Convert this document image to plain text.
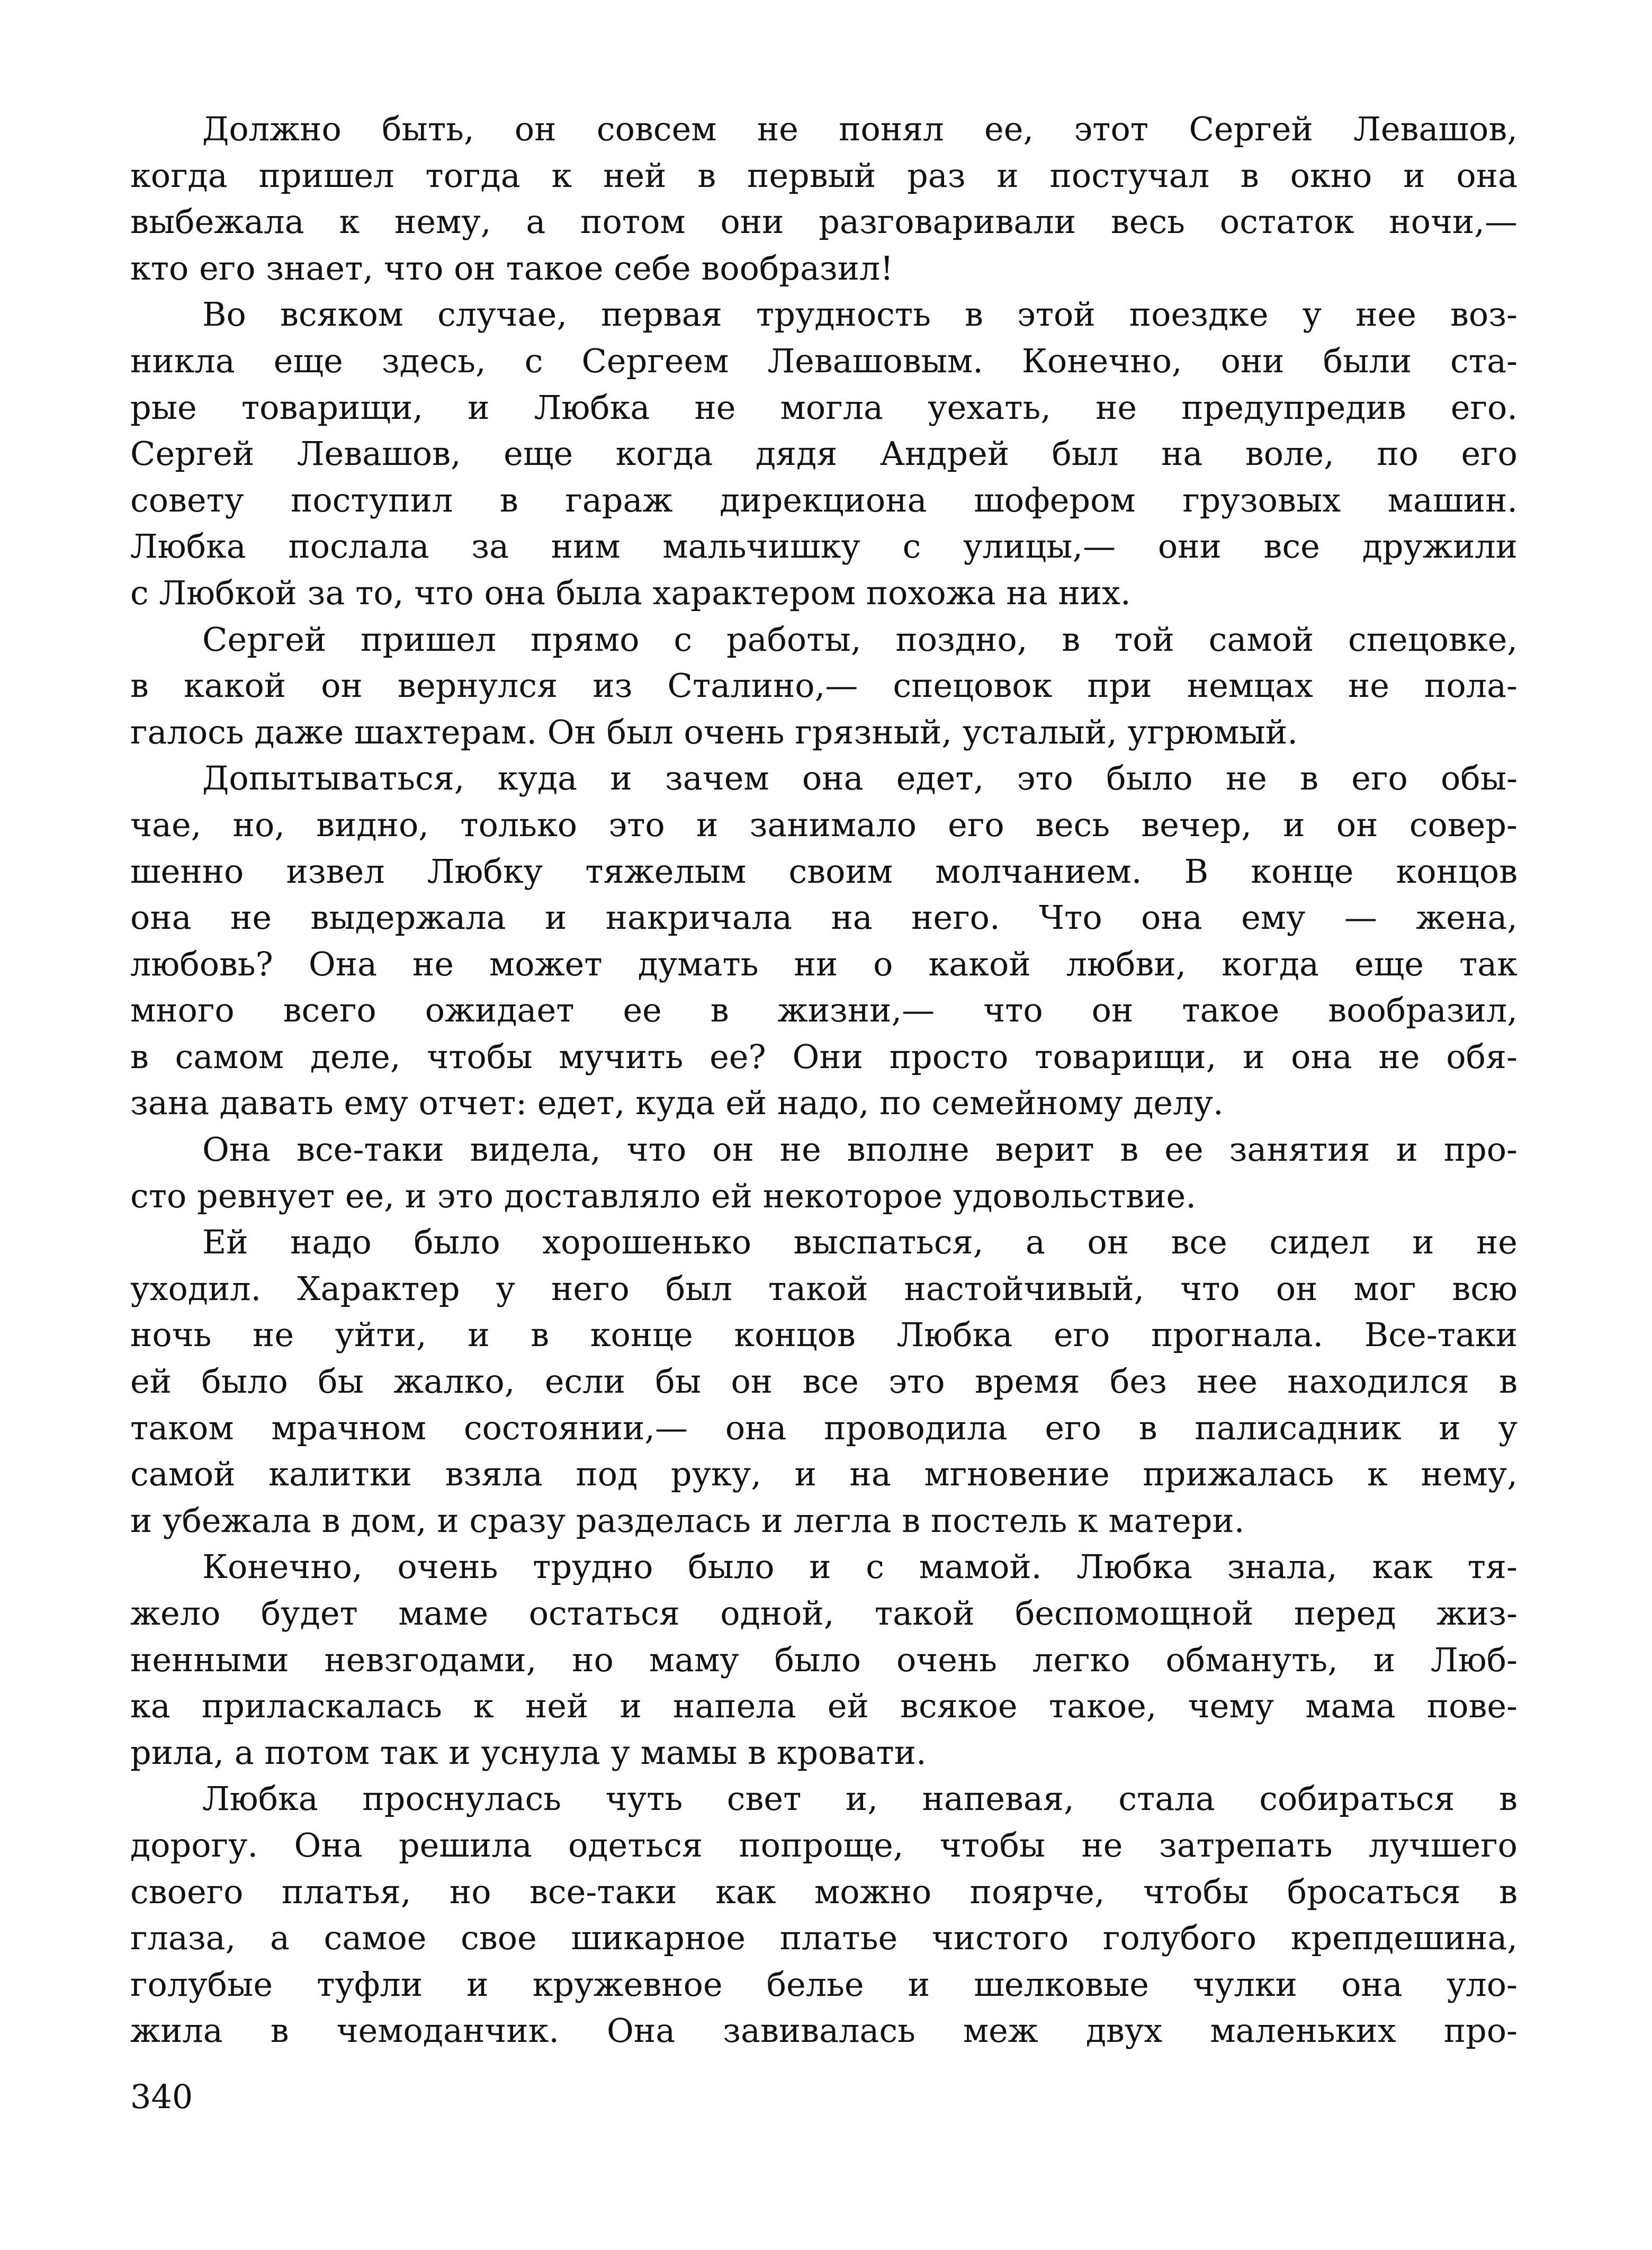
Должно быть, он совсем не понял ее, этот Сергей Левашов,
когда пришел тогда к ней в первый раз и постучал в окно и она
выбежала к нему, а потом они разговаривали весь остаток ночи,—
кто его знает, что он такое себе вообразил!
Во всяком случае, первая трудность в этой поездке у нее воз-
никла еще здесь, с Сергеем Левашовым. Конечно, они были ста-
рые товарищи, и Любка не могла уехать, не предупредив его.
Сергей Левашов, еще когда дядя Андрей был на воле, по его
совету поступил в гараж дирекциона шофером грузовых машин.
Любка послала за ним мальчишку с улицы,— они все дружили
с Любкой за то, что она была характером похожа на них.
Сергей пришел прямо с работы, поздно, в той самой спецовке,
в какой он вернулся из Сталино,— спецовок при немцах не пола-
галось даже шахтерам. Он был очень грязный, усталый, угрюмый.
Допытываться, куда и зачем она едет, это было не в его обы-
чае, но, видно, только это и занимало его весь вечер, и он совер-
шенно извел Любку тяжелым своим молчанием. В конце концов
она не выдержала и накричала на него. Что она ему — жена,
любовь? Она не может думать ни о какой любви, когда еще так
много всего ожидает ее в жизни,— что он такое вообразил,
в самом деле, чтобы мучить ее? Они просто товарищи, и она не обя-
зана давать ему отчет: едет, куда ей надо, по семейному делу.
Она все-таки видела, что он не вполне верит в ее занятия и про-
сто ревнует ее, и это доставляло ей некоторое удовольствие.
Ей надо было хорошенько выспаться, а он все сидел и не
уходил. Характер у него был такой настойчивый, что он мог всю
ночь не уйти, и в конце концов Любка его прогнала. Все-таки
ей было бы жалко, если бы он все это время без нее находился в
таком мрачном состоянии,— она проводила его в палисадник и у
самой калитки взяла под руку, и на мгновение прижалась к нему,
и убежала в дом, и сразу разделась и легла в постель к матери.
Конечно, очень трудно было и с мамой. Любка знала, как тя-
жело будет маме остаться одной, такой беспомощной перед жиз-
ненными невзгодами, но маму было очень легко обмануть, и Люб-
ка приласкалась к ней и напела ей всякое такое, чему мама пове-
рила, а потом так и уснула у мамы в кровати.
Любка проснулась чуть свет и, напевая, стала собираться в
дорогу. Она решила одеться попроще, чтобы не затрепать лучшего
своего платья, но все-таки как можно поярче, чтобы бросаться в
глаза, а самое свое шикарное платье чистого голубого крепдешина,
голубые туфли и кружевное белье и шелковые чулки она уло-
жила в чемоданчик. Она завивалась меж двух маленьких про-
340
